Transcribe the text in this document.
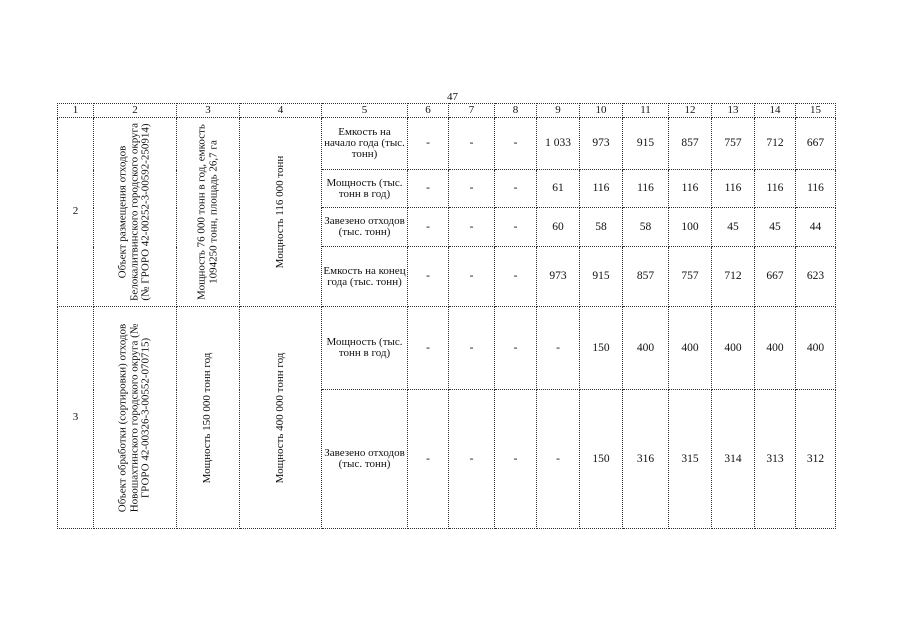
47
1	2	3	4	5	6	7	8	9	10	11	12	13	14	15
2	Объект размещения отходов Белокалитвинского городского округа (№ ГРОРО 42-00252-3-00592-250914)	Мощность 76 000 тонн в год, емкость 1094250 тонн, площадь 26,7 га	Мощность 116 000 тонн	Емкость на начало года (тыс. тонн)	-	-	-	1 033	973	915	857	757	712	667
				Мощность (тыс. тонн в год)	-	-	-	61	116	116	116	116	116	116
				Завезено отходов (тыс. тонн)	-	-	-	60	58	58	100	45	45	44
				Емкость на конец года (тыс. тонн)	-	-	-	973	915	857	757	712	667	623
3	Объект обработки (сортировки) отходов Новошахтинского городского округа (№ ГРОРО 42-00326-3-00552-070715)	Мощность 150 000 тонн год	Мощность 400 000 тонн год	Мощность (тыс. тонн в год)	-	-	-	-	150	400	400	400	400	400
				Завезено отходов (тыс. тонн)	-	-	-	-	150	316	315	314	313	312
